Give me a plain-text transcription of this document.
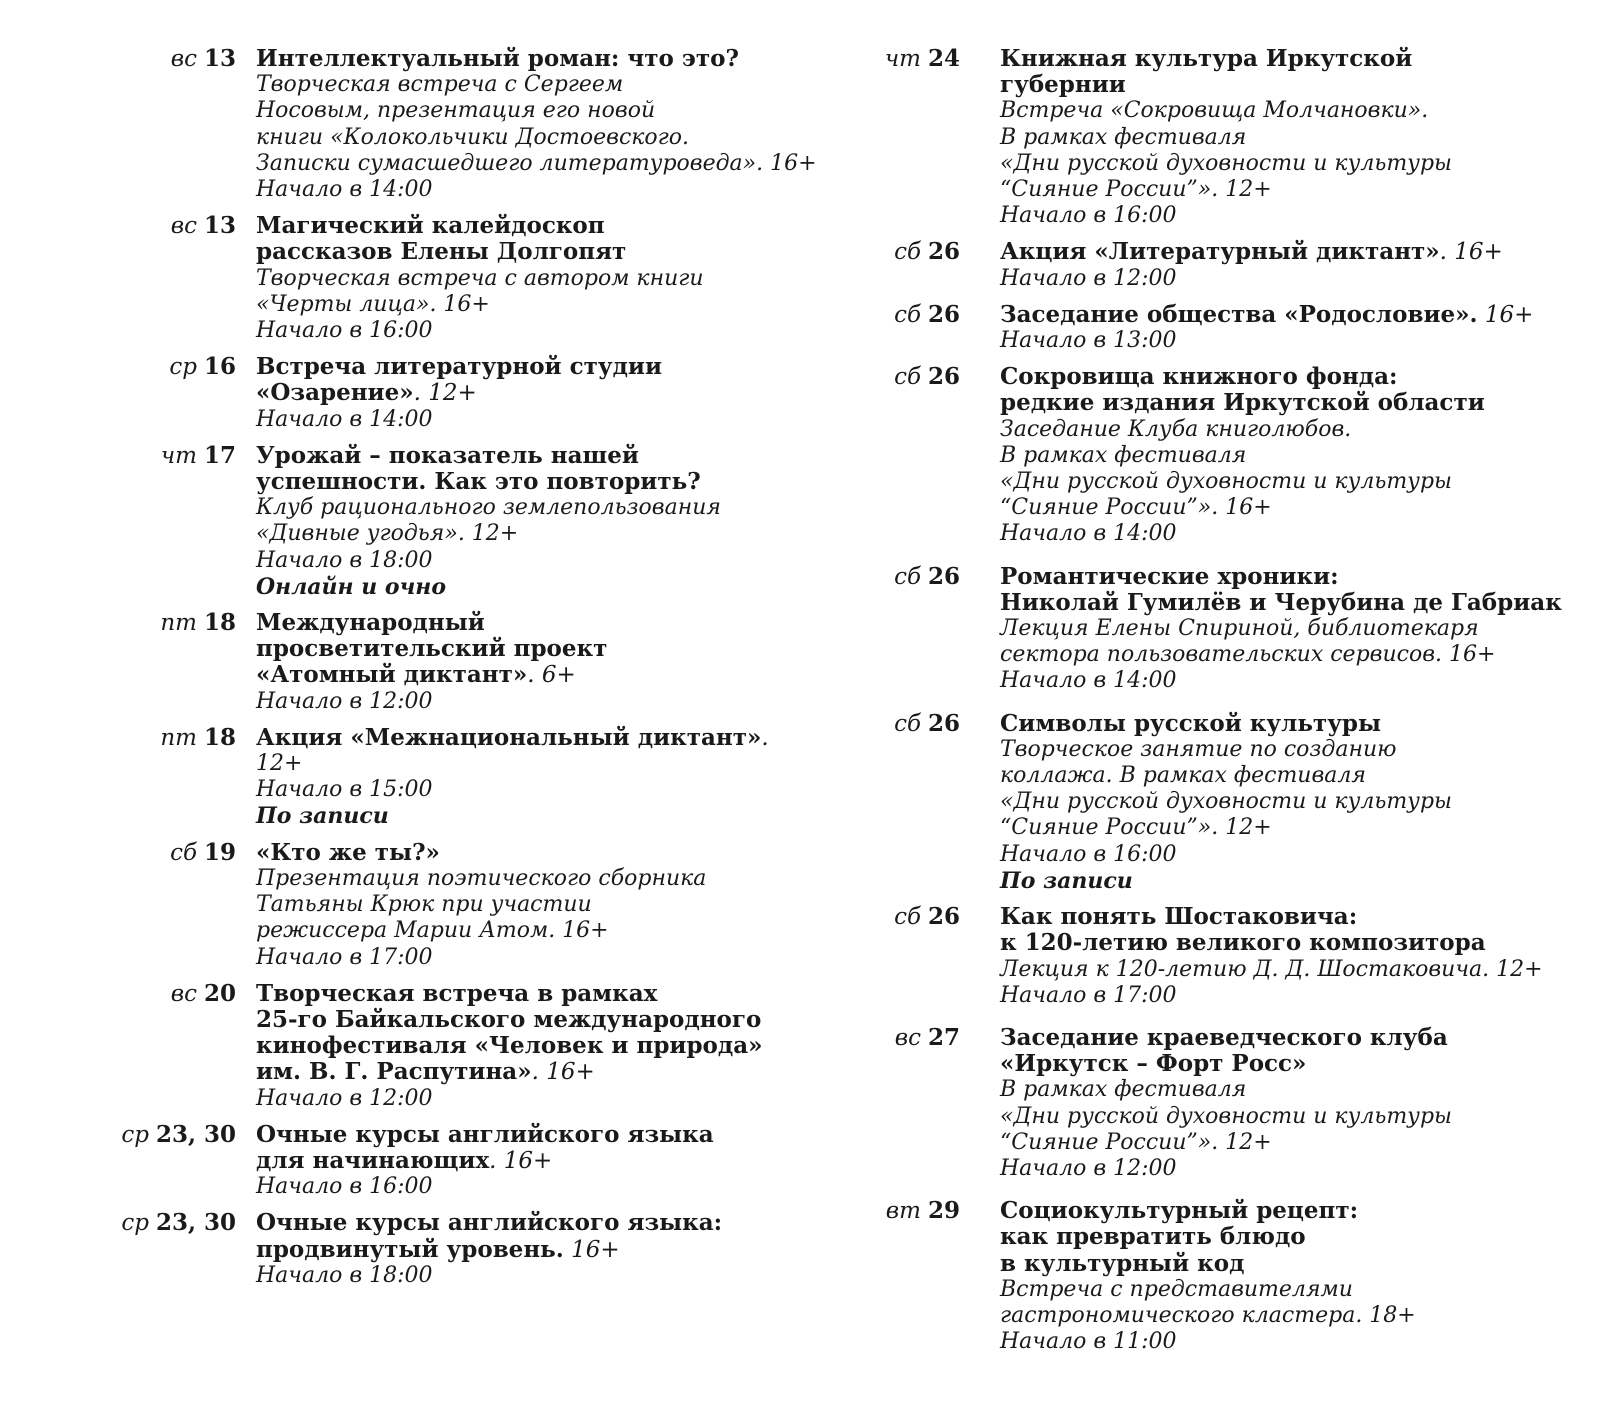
вс 13 Интеллектуальный роман: что это?
Творческая встреча с Сергеем
Носовым, презентация его новой
книги «Колокольчики Достоевского.
Записки сумасшедшего литературоведа». 16+
Начало в 14:00
вс 13 Магический калейдоскоп
рассказов Елены Долгопят
Творческая встреча с автором книги
«Черты лица». 16+
Начало в 16:00
ср 16 Встреча литературной студии
«Озарение». 12+
Начало в 14:00
чт 17 Урожай – показатель нашей
успешности. Как это повторить?
Клуб рационального землепользования
«Дивные угодья». 12+
Начало в 18:00
Онлайн и очно
пт 18 Международный
просветительский проект
«Атомный диктант». 6+
Начало в 12:00
пт 18 Акция «Межнациональный диктант».
12+
Начало в 15:00
По записи
сб 19 «Кто же ты?»
Презентация поэтического сборника
Татьяны Крюк при участии
режиссера Марии Атом. 16+
Начало в 17:00
вс 20 Творческая встреча в рамках
25-го Байкальского международного
кинофестиваля «Человек и природа»
им. В. Г. Распутина». 16+
Начало в 12:00
ср 23, 30 Очные курсы английского языка
для начинающих. 16+
Начало в 16:00
ср 23, 30 Очные курсы английского языка:
продвинутый уровень. 16+
Начало в 18:00
чт 24 Книжная культура Иркутской
губернии
Встреча «Сокровища Молчановки».
В рамках фестиваля
«Дни русской духовности и культуры
“Сияние России”». 12+
Начало в 16:00
сб 26 Акция «Литературный диктант». 16+
Начало в 12:00
сб 26 Заседание общества «Родословие». 16+
Начало в 13:00
сб 26 Сокровища книжного фонда:
редкие издания Иркутской области
Заседание Клуба книголюбов.
В рамках фестиваля
«Дни русской духовности и культуры
“Сияние России”». 16+
Начало в 14:00
сб 26 Романтические хроники:
Николай Гумилёв и Черубина де Габриак
Лекция Елены Спириной, библиотекаря
сектора пользовательских сервисов. 16+
Начало в 14:00
сб 26 Символы русской культуры
Творческое занятие по созданию
коллажа. В рамках фестиваля
«Дни русской духовности и культуры
“Сияние России”». 12+
Начало в 16:00
По записи
сб 26 Как понять Шостаковича:
к 120-летию великого композитора
Лекция к 120-летию Д. Д. Шостаковича. 12+
Начало в 17:00
вс 27 Заседание краеведческого клуба
«Иркутск – Форт Росс»
В рамках фестиваля
«Дни русской духовности и культуры
“Сияние России”». 12+
Начало в 12:00
вт 29 Социокультурный рецепт:
как превратить блюдо
в культурный код
Встреча с представителями
гастрономического кластера. 18+
Начало в 11:00
